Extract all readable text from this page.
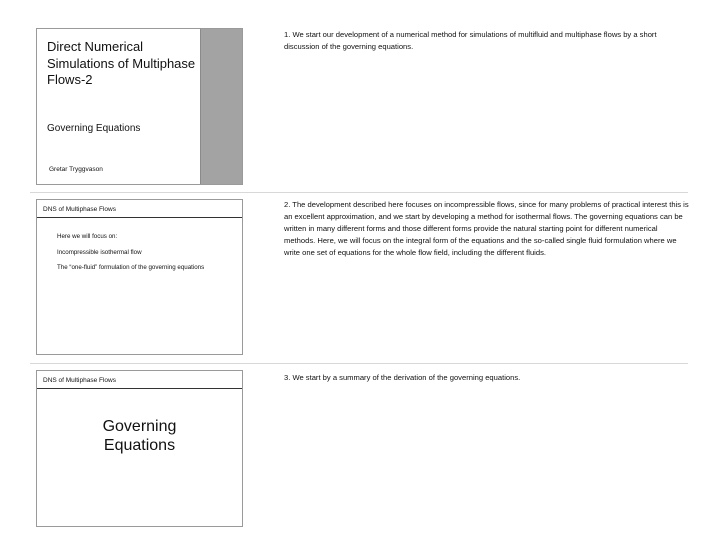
Direct Numerical Simulations of Multiphase Flows-2
Governing Equations
Gretar Tryggvason
1. We start our development of a numerical method for simulations of multifluid and multiphase flows by a short discussion of the governing equations.
DNS of Multiphase Flows
Here we will focus on:
Incompressible isothermal flow
The “one-fluid” formulation of the governing equations
2. The development described here focuses on incompressible flows, since for many problems of practical interest this is an excellent approximation, and we start by developing a method for isothermal flows. The governing equations can be written in many different forms and those different forms provide the natural starting point for different numerical methods. Here, we will focus on the integral form of the equations and the so-called single fluid formulation where we write one set of equations for the whole flow field, including the different fluids.
DNS of Multiphase Flows
Governing Equations
3. We start by a summary of the derivation of the governing equations.
